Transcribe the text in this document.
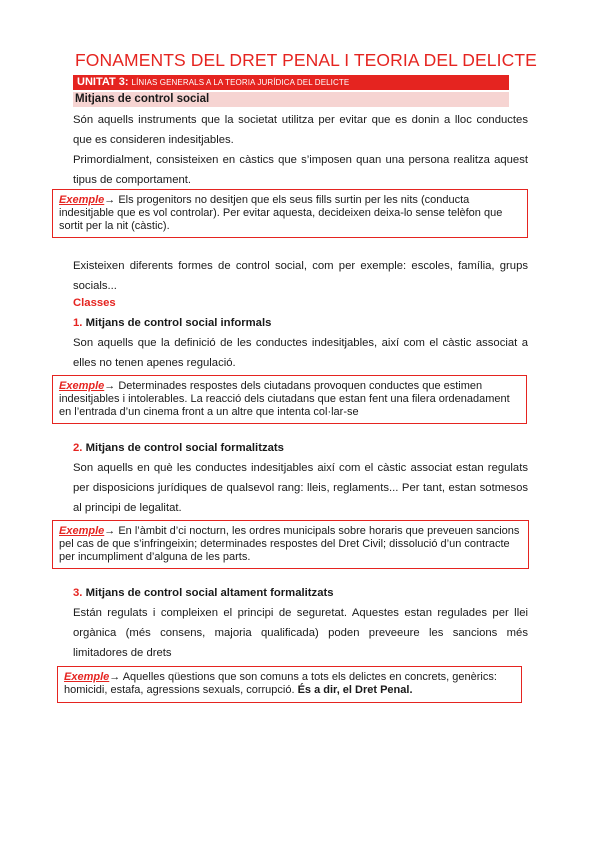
FONAMENTS DEL DRET PENAL I TEORIA DEL DELICTE
UNITAT 3: LÍNIAS GENERALS A LA TEORIA JURÍDICA DEL DELICTE
Mitjans de control social
Són aquells instruments que la societat utilitza per evitar que es donin a lloc conductes que es consideren indesitjables.
Primordialment, consisteixen en càstics que s’imposen quan una persona realitza aquest tipus de comportament.
Exemple→ Els progenitors no desitjen que els seus fills surtin per les nits (conducta indesitjable que es vol controlar). Per evitar aquesta, decideixen deixa-lo sense telèfon que sortit per la nit (càstic).
Existeixen diferents formes de control social, com per exemple: escoles, família, grups socials...
Classes
1. Mitjans de control social informals
Son aquells que la definició de les conductes indesitjables, així com el càstic associat a elles no tenen apenes regulació.
Exemple→ Determinades respostes dels ciutadans provoquen conductes que estimen indesitjables i intolerables. La reacció dels ciutadans que estan fent una filera ordenadament en l’entrada d’un cinema front a un altre que intenta col·lar-se
2. Mitjans de control social formalitzats
Son aquells en què les conductes indesitjables així com el càstic associat estan regulats per disposicions jurídiques de qualsevol rang: lleis, reglaments... Per tant, estan sotmesos al principi de legalitat.
Exemple→ En l’àmbit d’ci nocturn, les ordres municipals sobre horaris que preveuen sancions pel cas de que s’infringeixin; determinades respostes del Dret Civil; dissolució d’un contracte per incumpliment d’alguna de les parts.
3. Mitjans de control social altament formalitzats
Están regulats i compleixen el principi de seguretat. Aquestes estan regulades per llei orgànica (més consens, majoria qualificada) poden preveeure les sancions més limitadores de drets
Exemple→ Aquelles qüestions que son comuns a tots els delictes en concrets, genèrics: homicidi, estafa, agressions sexuals, corrupció. És a dir, el Dret Penal.
